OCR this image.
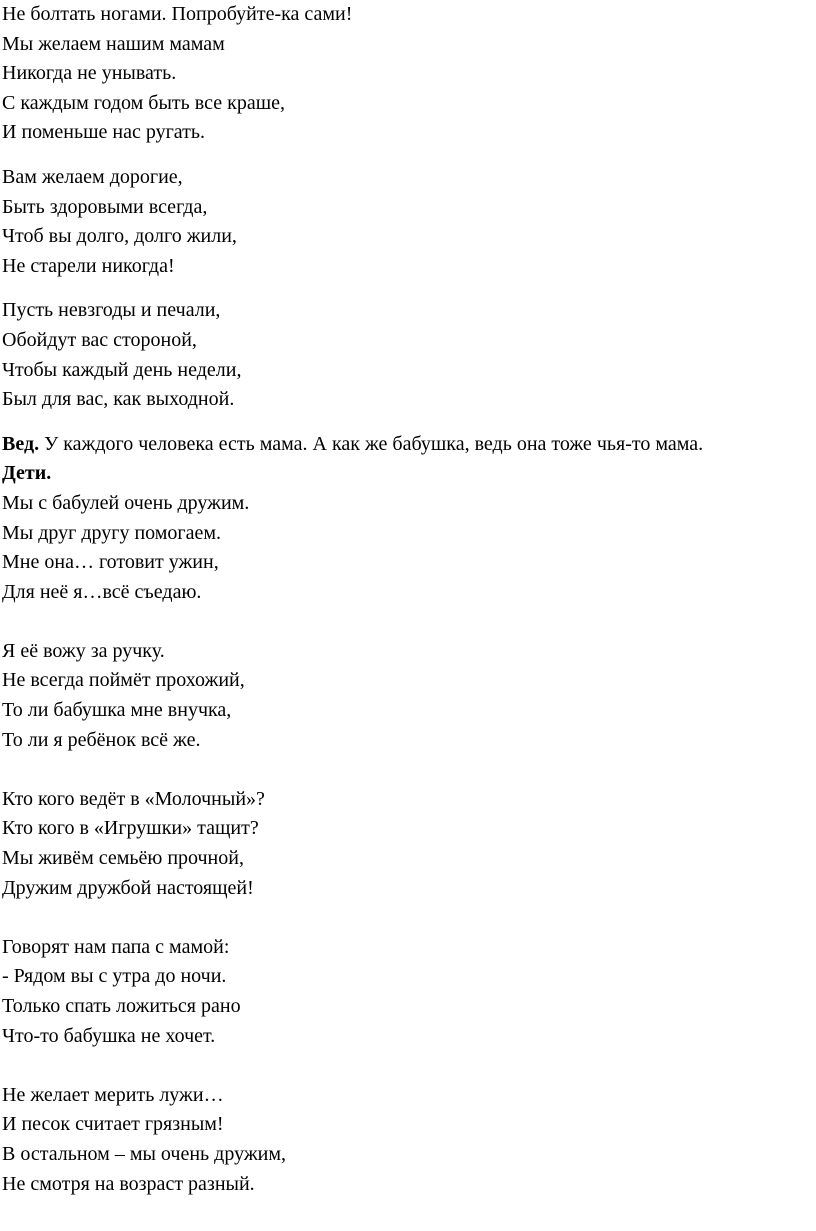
Не болтать ногами. Попробуйте-ка сами!
Мы желаем нашим мамам
Никогда не унывать.
С каждым годом быть все краше,
И поменьше нас ругать.
Вам желаем дорогие,
Быть здоровыми всегда,
Чтоб вы долго, долго жили,
Не старели никогда!
Пусть невзгоды и печали,
Обойдут вас стороной,
Чтобы каждый день недели,
Был для вас, как выходной.
Вед. У каждого человека есть мама. А как же бабушка, ведь она тоже чья-то мама.
Дети.
Мы с бабулей очень дружим.
Мы друг другу помогаем.
Мне она… готовит ужин,
Для неё я…всё съедаю.
Я её вожу за ручку.
Не всегда поймёт прохожий,
То ли бабушка мне внучка,
То ли я ребёнок всё же.
Кто кого ведёт в «Молочный»?
Кто кого в «Игрушки» тащит?
Мы живём семьёю прочной,
Дружим дружбой настоящей!
Говорят нам папа с мамой:
- Рядом вы с утра до ночи.
Только спать ложиться рано
Что-то бабушка не хочет.
Не желает мерить лужи…
И песок считает грязным!
В остальном – мы очень дружим,
Не смотря на возраст разный.
